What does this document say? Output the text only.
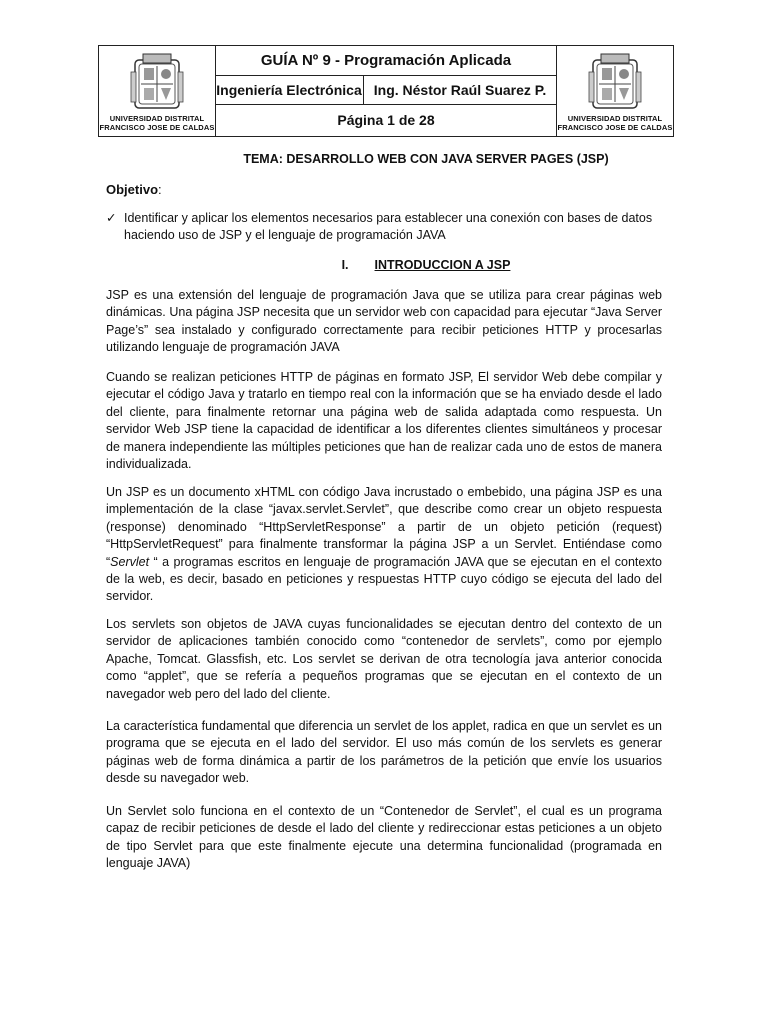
UNIVERSIDAD DISTRITAL
FRANCISCO JOSE DE CALDAS
GUÍA Nº 9 - Programación Aplicada
Ingeniería Electrónica Ing. Néstor Raúl Suarez P.
Página 1 de 28	UNIVERSIDAD DISTRITAL
FRANCISCO JOSE DE CALDAS
TEMA: DESARROLLO WEB CON JAVA SERVER PAGES (JSP)
Objetivo:
✓ Identificar y aplicar los elementos necesarios para establecer una conexión con bases de datos haciendo uso de JSP y el lenguaje de programación JAVA
I. INTRODUCCION A JSP

JSP es una extensión del lenguaje de programación Java que se utiliza para crear páginas web dinámicas. Una página JSP necesita que un servidor web con capacidad para ejecutar “Java Server Page’s” sea instalado y configurado correctamente para recibir peticiones HTTP y procesarlas utilizando lenguaje de programación JAVA

Cuando se realizan peticiones HTTP de páginas en formato JSP, El servidor Web debe compilar y ejecutar el código Java y tratarlo en tiempo real con la información que se ha enviado desde el lado del cliente, para finalmente retornar una página web de salida adaptada como respuesta. Un servidor Web JSP tiene la capacidad de identificar a los diferentes clientes simultáneos y procesar de manera independiente las múltiples peticiones que han de realizar cada uno de estos de manera individualizada.

Un JSP es un documento xHTML con código Java incrustado o embebido, una página JSP es una implementación de la clase “javax.servlet.Servlet”, que describe como crear un objeto respuesta (response) denominado “HttpServletResponse” a partir de un objeto petición (request) “HttpServletRequest” para finalmente transformar la página JSP a un Servlet. Entiéndase como “Servlet “ a programas escritos en lenguaje de programación JAVA que se ejecutan en el contexto de la web, es decir, basado en peticiones y respuestas HTTP cuyo código se ejecuta del lado del servidor.

Los servlets son objetos de JAVA cuyas funcionalidades se ejecutan dentro del contexto de un servidor de aplicaciones también conocido como “contenedor de servlets”, como por ejemplo Apache, Tomcat. Glassfish, etc. Los servlet se derivan de otra tecnología java anterior conocida como “applet”, que se refería a pequeños programas que se ejecutan en el contexto de un navegador web pero del lado del cliente.

La característica fundamental que diferencia un servlet de los applet, radica en que un servlet es un programa que se ejecuta en el lado del servidor. El uso más común de los servlets es generar páginas web de forma dinámica a partir de los parámetros de la petición que envíe los usuarios desde su navegador web.

Un Servlet solo funciona en el contexto de un “Contenedor de Servlet”, el cual es un programa capaz de recibir peticiones de desde el lado del cliente y redireccionar estas peticiones a un objeto de tipo Servlet para que este finalmente ejecute una determina funcionalidad (programada en lenguaje JAVA)
